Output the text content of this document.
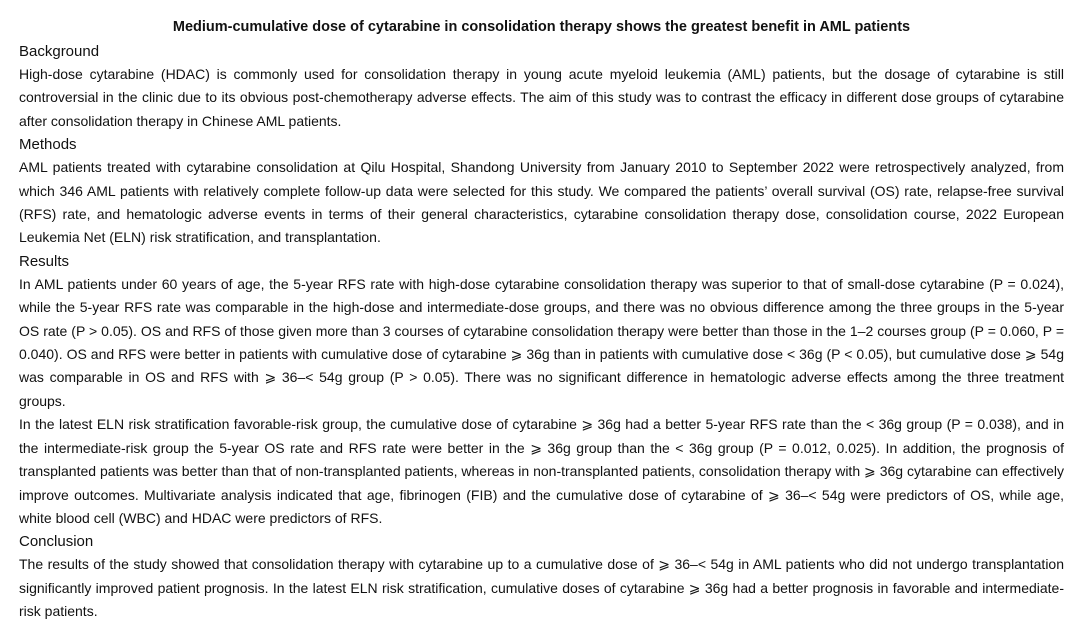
Medium-cumulative dose of cytarabine in consolidation therapy shows the greatest benefit in AML patients
Background

High-dose cytarabine (HDAC) is commonly used for consolidation therapy in young acute myeloid leukemia (AML) patients, but the dosage of cytarabine is still controversial in the clinic due to its obvious post-chemotherapy adverse effects. The aim of this study was to contrast the efficacy in different dose groups of cytarabine after consolidation therapy in Chinese AML patients.

Methods

AML patients treated with cytarabine consolidation at Qilu Hospital, Shandong University from January 2010 to September 2022 were retrospectively analyzed, from which 346 AML patients with relatively complete follow-up data were selected for this study. We compared the patients’ overall survival (OS) rate, relapse-free survival (RFS) rate, and hematologic adverse events in terms of their general characteristics, cytarabine consolidation therapy dose, consolidation course, 2022 European Leukemia Net (ELN) risk stratification, and transplantation.

Results

In AML patients under 60 years of age, the 5-year RFS rate with high-dose cytarabine consolidation therapy was superior to that of small-dose cytarabine (P = 0.024), while the 5-year RFS rate was comparable in the high-dose and intermediate-dose groups, and there was no obvious difference among the three groups in the 5-year OS rate (P > 0.05). OS and RFS of those given more than 3 courses of cytarabine consolidation therapy were better than those in the 1–2 courses group (P = 0.060, P = 0.040). OS and RFS were better in patients with cumulative dose of cytarabine ⩾ 36g than in patients with cumulative dose < 36g (P < 0.05), but cumulative dose ⩾ 54g was comparable in OS and RFS with ⩾ 36–< 54g group (P > 0.05). There was no significant difference in hematologic adverse effects among the three treatment groups.

In the latest ELN risk stratification favorable-risk group, the cumulative dose of cytarabine ⩾ 36g had a better 5-year RFS rate than the < 36g group (P = 0.038), and in the intermediate-risk group the 5-year OS rate and RFS rate were better in the ⩾ 36g group than the < 36g group (P = 0.012, 0.025). In addition, the prognosis of transplanted patients was better than that of non-transplanted patients, whereas in non-transplanted patients, consolidation therapy with ⩾ 36g cytarabine can effectively improve outcomes. Multivariate analysis indicated that age, fibrinogen (FIB) and the cumulative dose of cytarabine of ⩾ 36–< 54g were predictors of OS, while age, white blood cell (WBC) and HDAC were predictors of RFS.

Conclusion

The results of the study showed that consolidation therapy with cytarabine up to a cumulative dose of ⩾ 36–< 54g in AML patients who did not undergo transplantation significantly improved patient prognosis. In the latest ELN risk stratification, cumulative doses of cytarabine ⩾ 36g had a better prognosis in favorable and intermediate-risk patients.
